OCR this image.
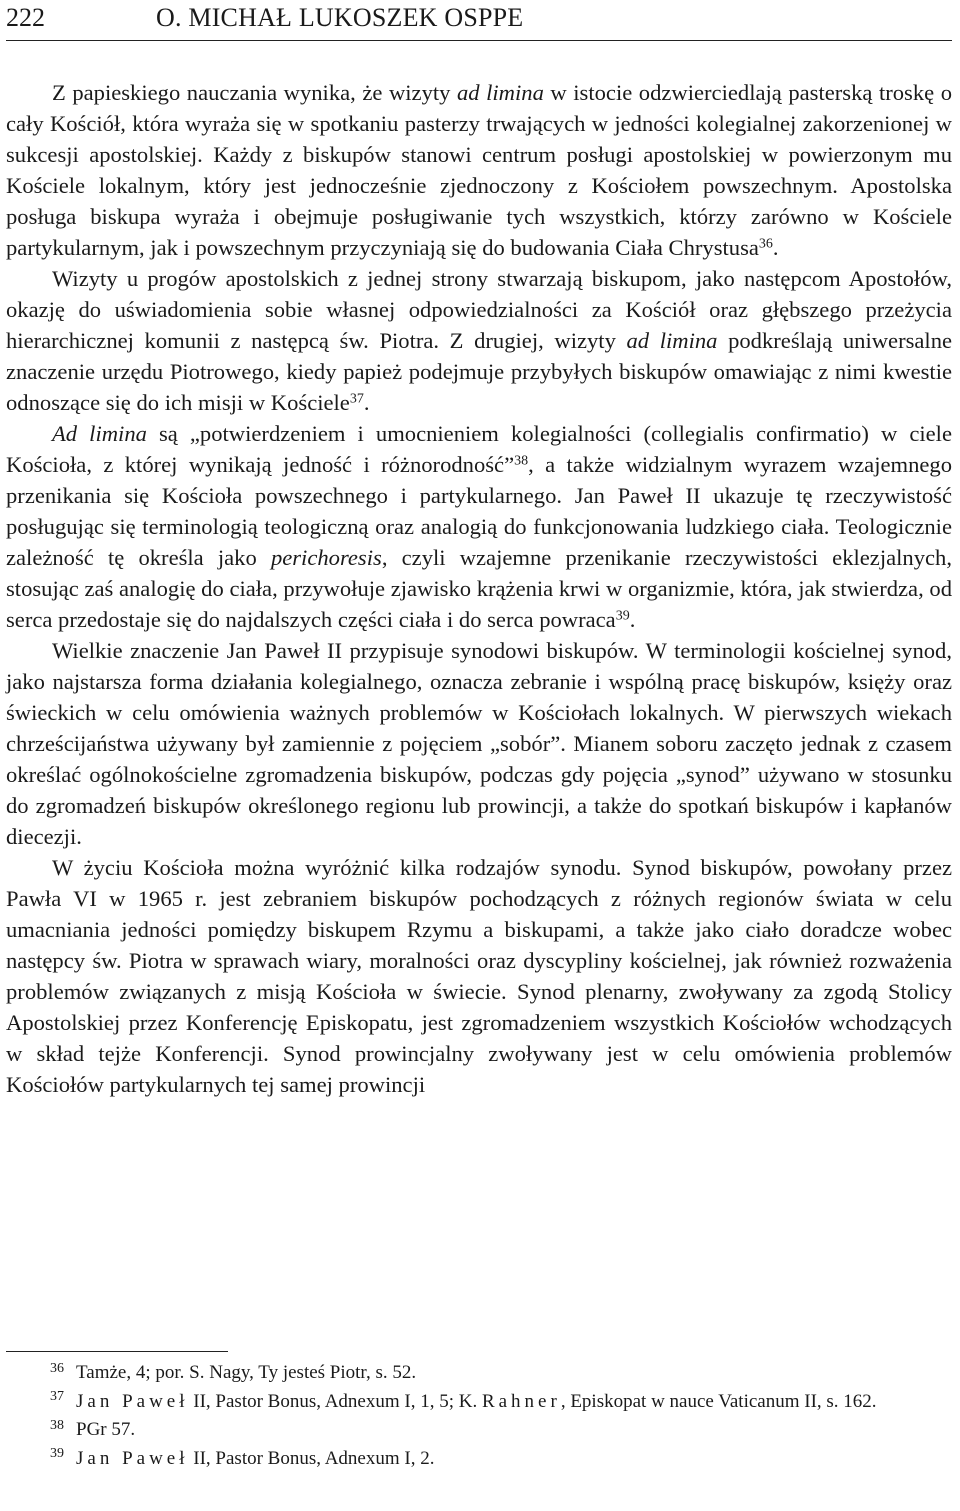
222	O. MICHAŁ LUKOSZEK OSPPE

Z papieskiego nauczania wynika, że wizyty ad limina w istocie odzwierciedlają pasterską troskę o cały Kościół, która wyraża się w spotkaniu pasterzy trwających w jedności kolegialnej zakorzenionej w sukcesji apostolskiej. Każdy z biskupów stanowi centrum posługi apostolskiej w powierzonym mu Kościele lokalnym, który jest jednocześnie zjednoczony z Kościołem powszechnym. Apostolska posługa biskupa wyraża i obejmuje posługiwanie tych wszystkich, którzy zarówno w Kościele partykularnym, jak i powszechnym przyczyniają się do budowania Ciała Chrystusa$^{36}$.

Wizyty u progów apostolskich z jednej strony stwarzają biskupom, jako następcom Apostołów, okazję do uświadomienia sobie własnej odpowiedzialności za Kościół oraz głębszego przeżycia hierarchicznej komunii z następcą św. Piotra. Z drugiej, wizyty ad limina podkreślają uniwersalne znaczenie urzędu Piotrowego, kiedy papież podejmuje przybyłych biskupów omawiając z nimi kwestie odnoszące się do ich misji w Kościele$^{37}$.

Ad limina są „potwierdzeniem i umocnieniem kolegialności (collegialis confirmatio) w ciele Kościoła, z której wynikają jedność i różnorodność”$^{38}$, a także widzialnym wyrazem wzajemnego przenikania się Kościoła powszechnego i partykularnego. Jan Paweł II ukazuje tę rzeczywistość posługując się terminologią teologiczną oraz analogią do funkcjonowania ludzkiego ciała. Teologicznie zależność tę określa jako perichoresis, czyli wzajemne przenikanie rzeczywistości eklezjalnych, stosując zaś analogię do ciała, przywołuje zjawisko krążenia krwi w organizmie, która, jak stwierdza, od serca przedostaje się do najdalszych części ciała i do serca powraca$^{39}$.

Wielkie znaczenie Jan Paweł II przypisuje synodowi biskupów. W terminologii kościelnej synod, jako najstarsza forma działania kolegialnego, oznacza zebranie i wspólną pracę biskupów, księży oraz świeckich w celu omówienia ważnych problemów w Kościołach lokalnych. W pierwszych wiekach chrześcijaństwa używany był zamiennie z pojęciem „sobór”. Mianem soboru zaczęto jednak z czasem określać ogólnokościelne zgromadzenia biskupów, podczas gdy pojęcia „synod” używano w stosunku do zgromadzeń biskupów określonego regionu lub prowincji, a także do spotkań biskupów i kapłanów diecezji.

W życiu Kościoła można wyróżnić kilka rodzajów synodu. Synod biskupów, powołany przez Pawła VI w 1965 r. jest zebraniem biskupów pochodzących z różnych regionów świata w celu umacniania jedności pomiędzy biskupem Rzymu a biskupami, a także jako ciało doradcze wobec następcy św. Piotra w sprawach wiary, moralności oraz dyscypliny kościelnej, jak również rozważenia problemów związanych z misją Kościoła w świecie. Synod plenarny, zwoływany za zgodą Stolicy Apostolskiej przez Konferencję Episkopatu, jest zgromadzeniem wszystkich Kościołów wchodzących w skład tejże Konferencji. Synod prowincjalny zwoływany jest w celu omówienia problemów Kościołów partykularnych tej samej prowincji

$^{36}$ Tamże, 4; por. S. Nagy, Ty jesteś Piotr, s. 52.

$^{37}$ Jan Paweł II, Pastor Bonus, Adnexum I, 1, 5; K. Rahner, Episkopat w nauce Vaticanum II, s. 162.

$^{38}$ PGr 57.

$^{39}$ Jan Paweł II, Pastor Bonus, Adnexum I, 2.
